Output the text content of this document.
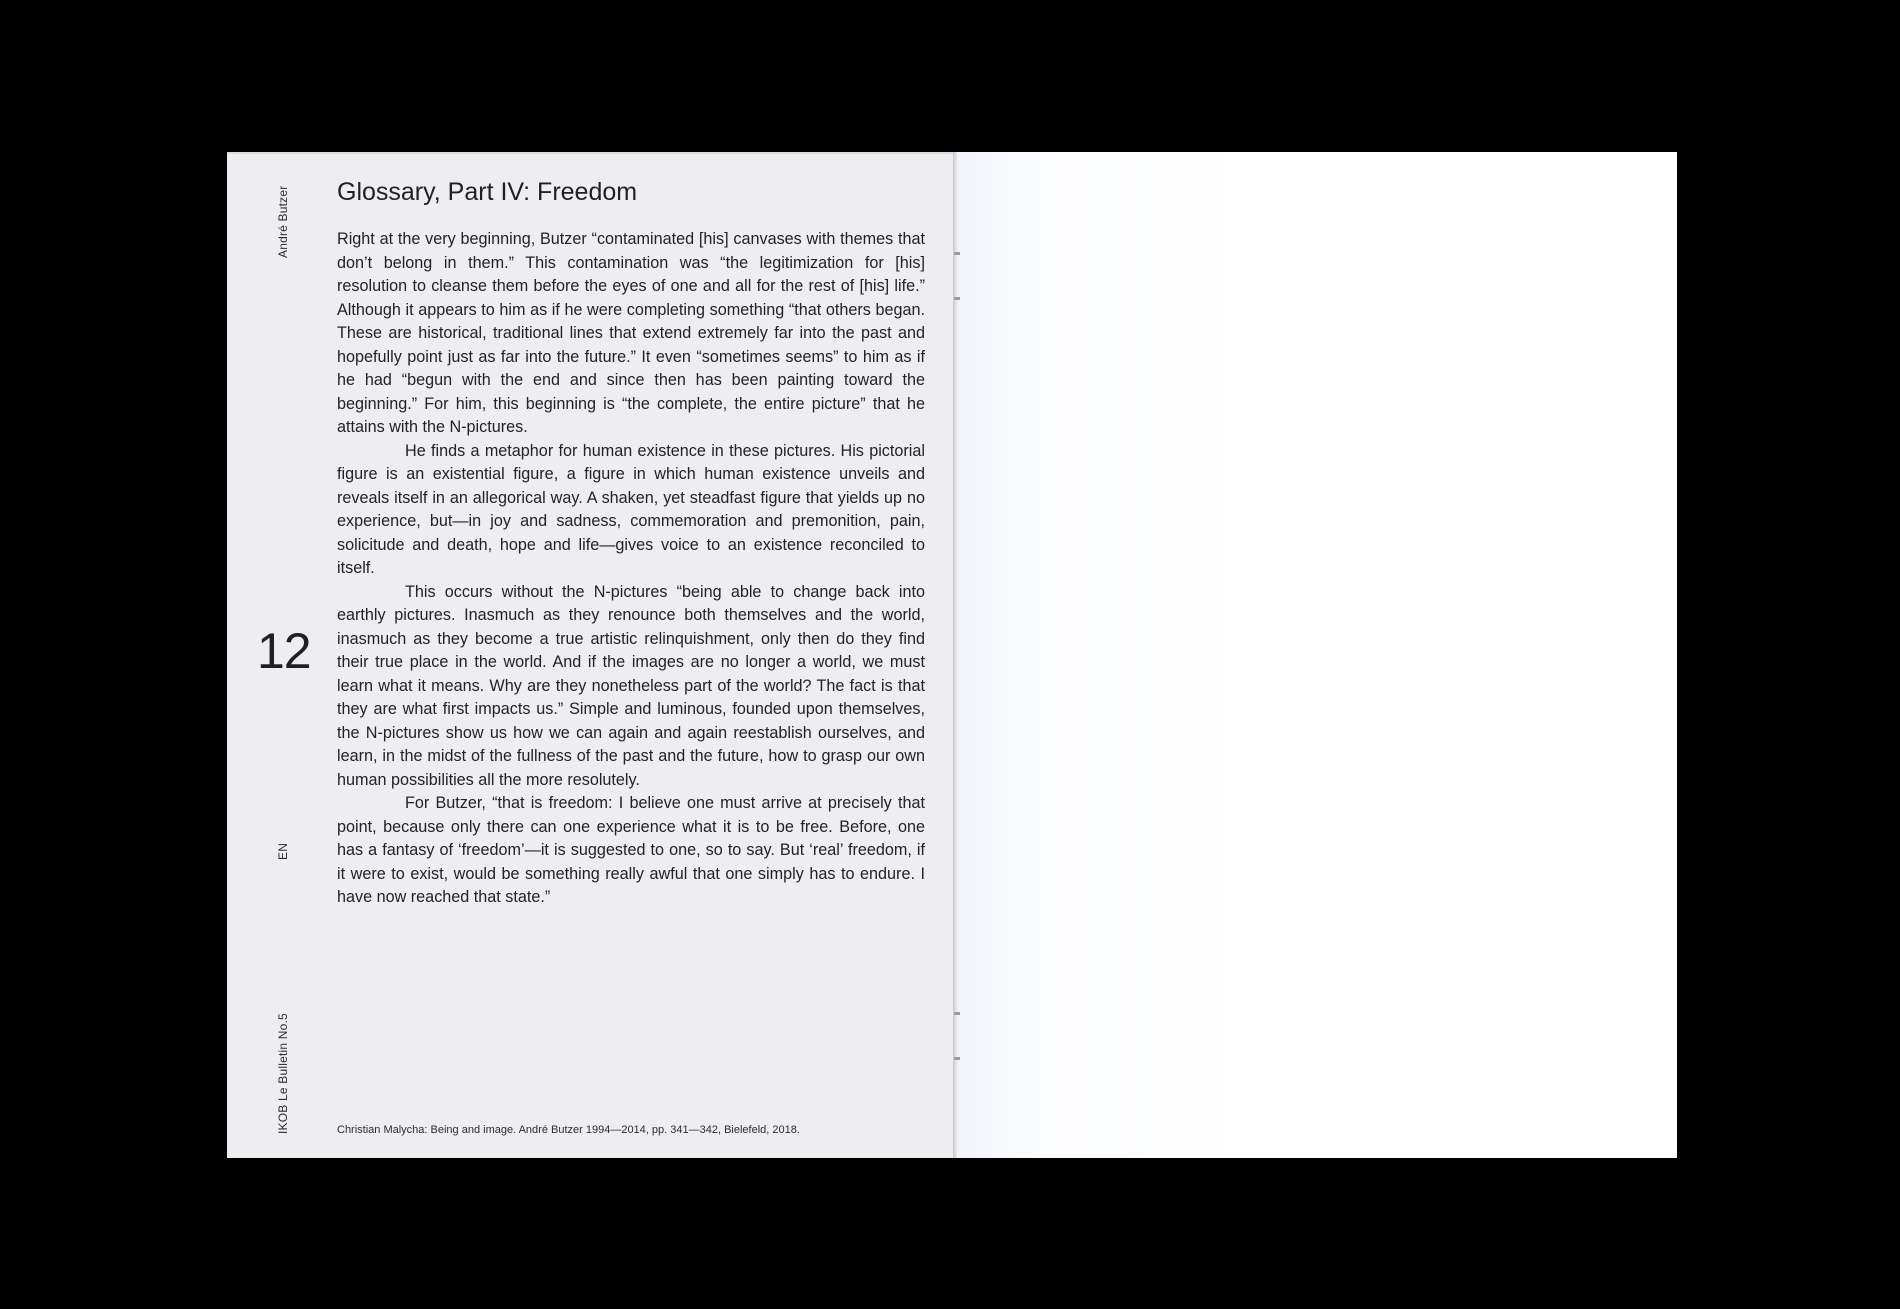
André Butzer
12
EN
IKOB Le Bulletin No.5
Glossary, Part IV: Freedom

Right at the very beginning, Butzer “contaminated [his] canvases with themes that don’t belong in them.” This contamination was “the legitimization for [his] resolution to cleanse them before the eyes of one and all for the rest of [his] life.” Although it appears to him as if he were completing something “that others began. These are historical, traditional lines that extend extremely far into the past and hopefully point just as far into the future.” It even “sometimes seems” to him as if he had “begun with the end and since then has been painting toward the beginning.” For him, this beginning is “the complete, the entire picture” that he attains with the N-pictures.

He finds a metaphor for human existence in these pictures. His pictorial figure is an existential figure, a figure in which human existence unveils and reveals itself in an allegorical way. A shaken, yet steadfast figure that yields up no experience, but—in joy and sadness, commemoration and premonition, pain, solicitude and death, hope and life—gives voice to an existence reconciled to itself.

This occurs without the N-pictures “being able to change back into earthly pictures. Inasmuch as they renounce both themselves and the world, inasmuch as they become a true artistic relinquishment, only then do they find their true place in the world. And if the images are no longer a world, we must learn what it means. Why are they nonetheless part of the world? The fact is that they are what first impacts us.” Simple and luminous, founded upon themselves, the N-pictures show us how we can again and again reestablish ourselves, and learn, in the midst of the fullness of the past and the future, how to grasp our own human possibilities all the more resolutely.

For Butzer, “that is freedom: I believe one must arrive at precisely that point, because only there can one experience what it is to be free. Before, one has a fantasy of ‘freedom’—it is suggested to one, so to say. But ‘real’ freedom, if it were to exist, would be something really awful that one simply has to endure. I have now reached that state.”

Christian Malycha: Being and image. André Butzer 1994—2014, pp. 341—342, Bielefeld, 2018.
